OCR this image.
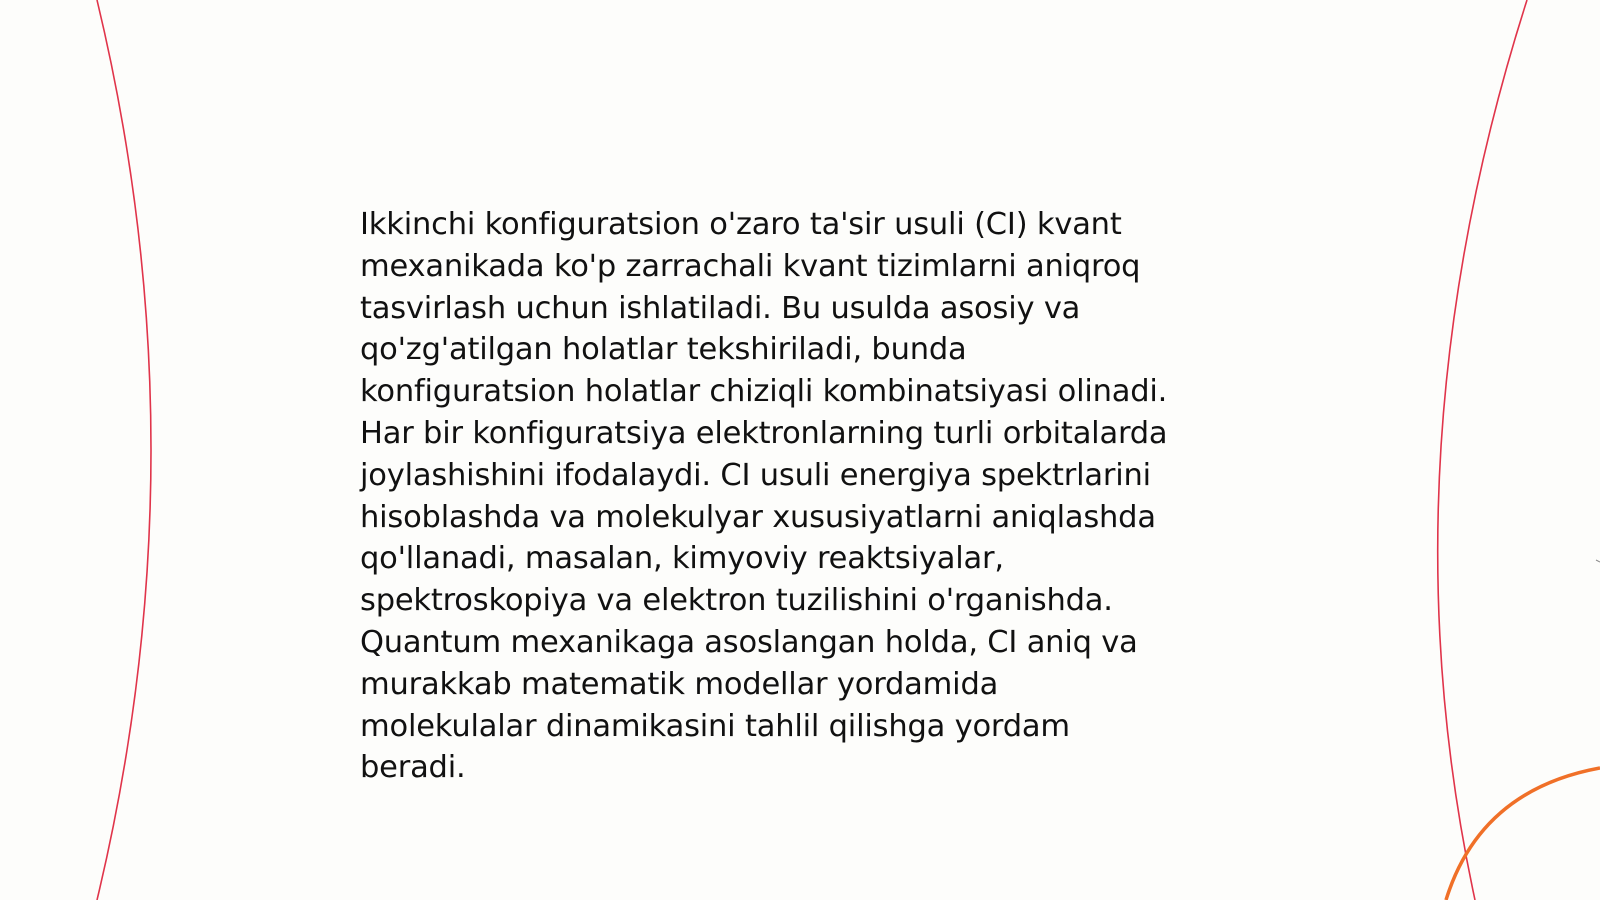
Ikkinchi konfiguratsion o'zaro ta'sir usuli (CI) kvant
mexanikada ko'p zarrachali kvant tizimlarni aniqroq
tasvirlash uchun ishlatiladi. Bu usulda asosiy va
qo'zg'atilgan holatlar tekshiriladi, bunda
konfiguratsion holatlar chiziqli kombinatsiyasi olinadi.
Har bir konfiguratsiya elektronlarning turli orbitalarda
joylashishini ifodalaydi. CI usuli energiya spektrlarini
hisoblashda va molekulyar xususiyatlarni aniqlashda
qo'llanadi, masalan, kimyoviy reaktsiyalar,
spektroskopiya va elektron tuzilishini o'rganishda.
Quantum mexanikaga asoslangan holda, CI aniq va
murakkab matematik modellar yordamida
molekulalar dinamikasini tahlil qilishga yordam
beradi.
